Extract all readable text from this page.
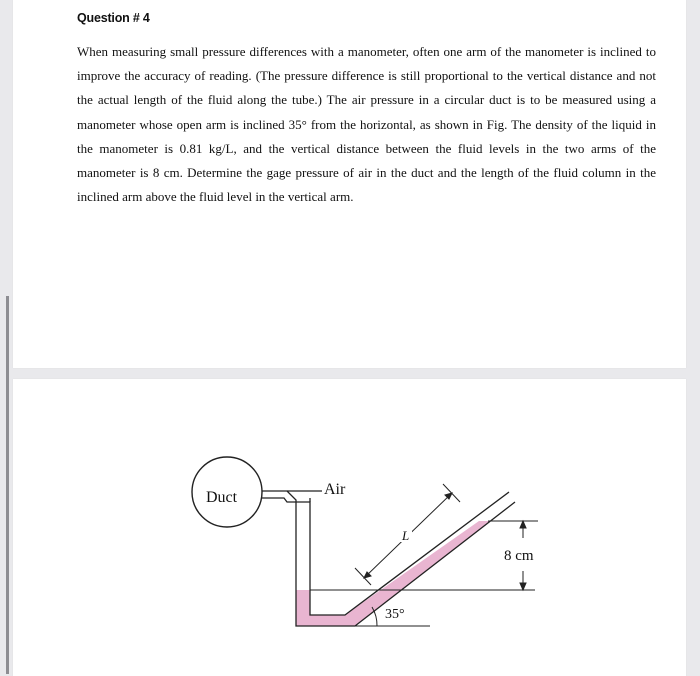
Question # 4

When measuring small pressure differences with a manometer, often one arm of the manometer is inclined to improve the accuracy of reading. (The pressure difference is still proportional to the vertical distance and not the actual length of the fluid along the tube.) The air pressure in a circular duct is to be measured using a manometer whose open arm is inclined 35° from the horizontal, as shown in Fig. The density of the liquid in the manometer is 0.81 kg/L, and the vertical distance between the fluid levels in the two arms of the manometer is 8 cm. Determine the gage pressure of air in the duct and the length of the fluid column in the inclined arm above the fluid level in the vertical arm.

Duct	Air
L
35°
8 cm
